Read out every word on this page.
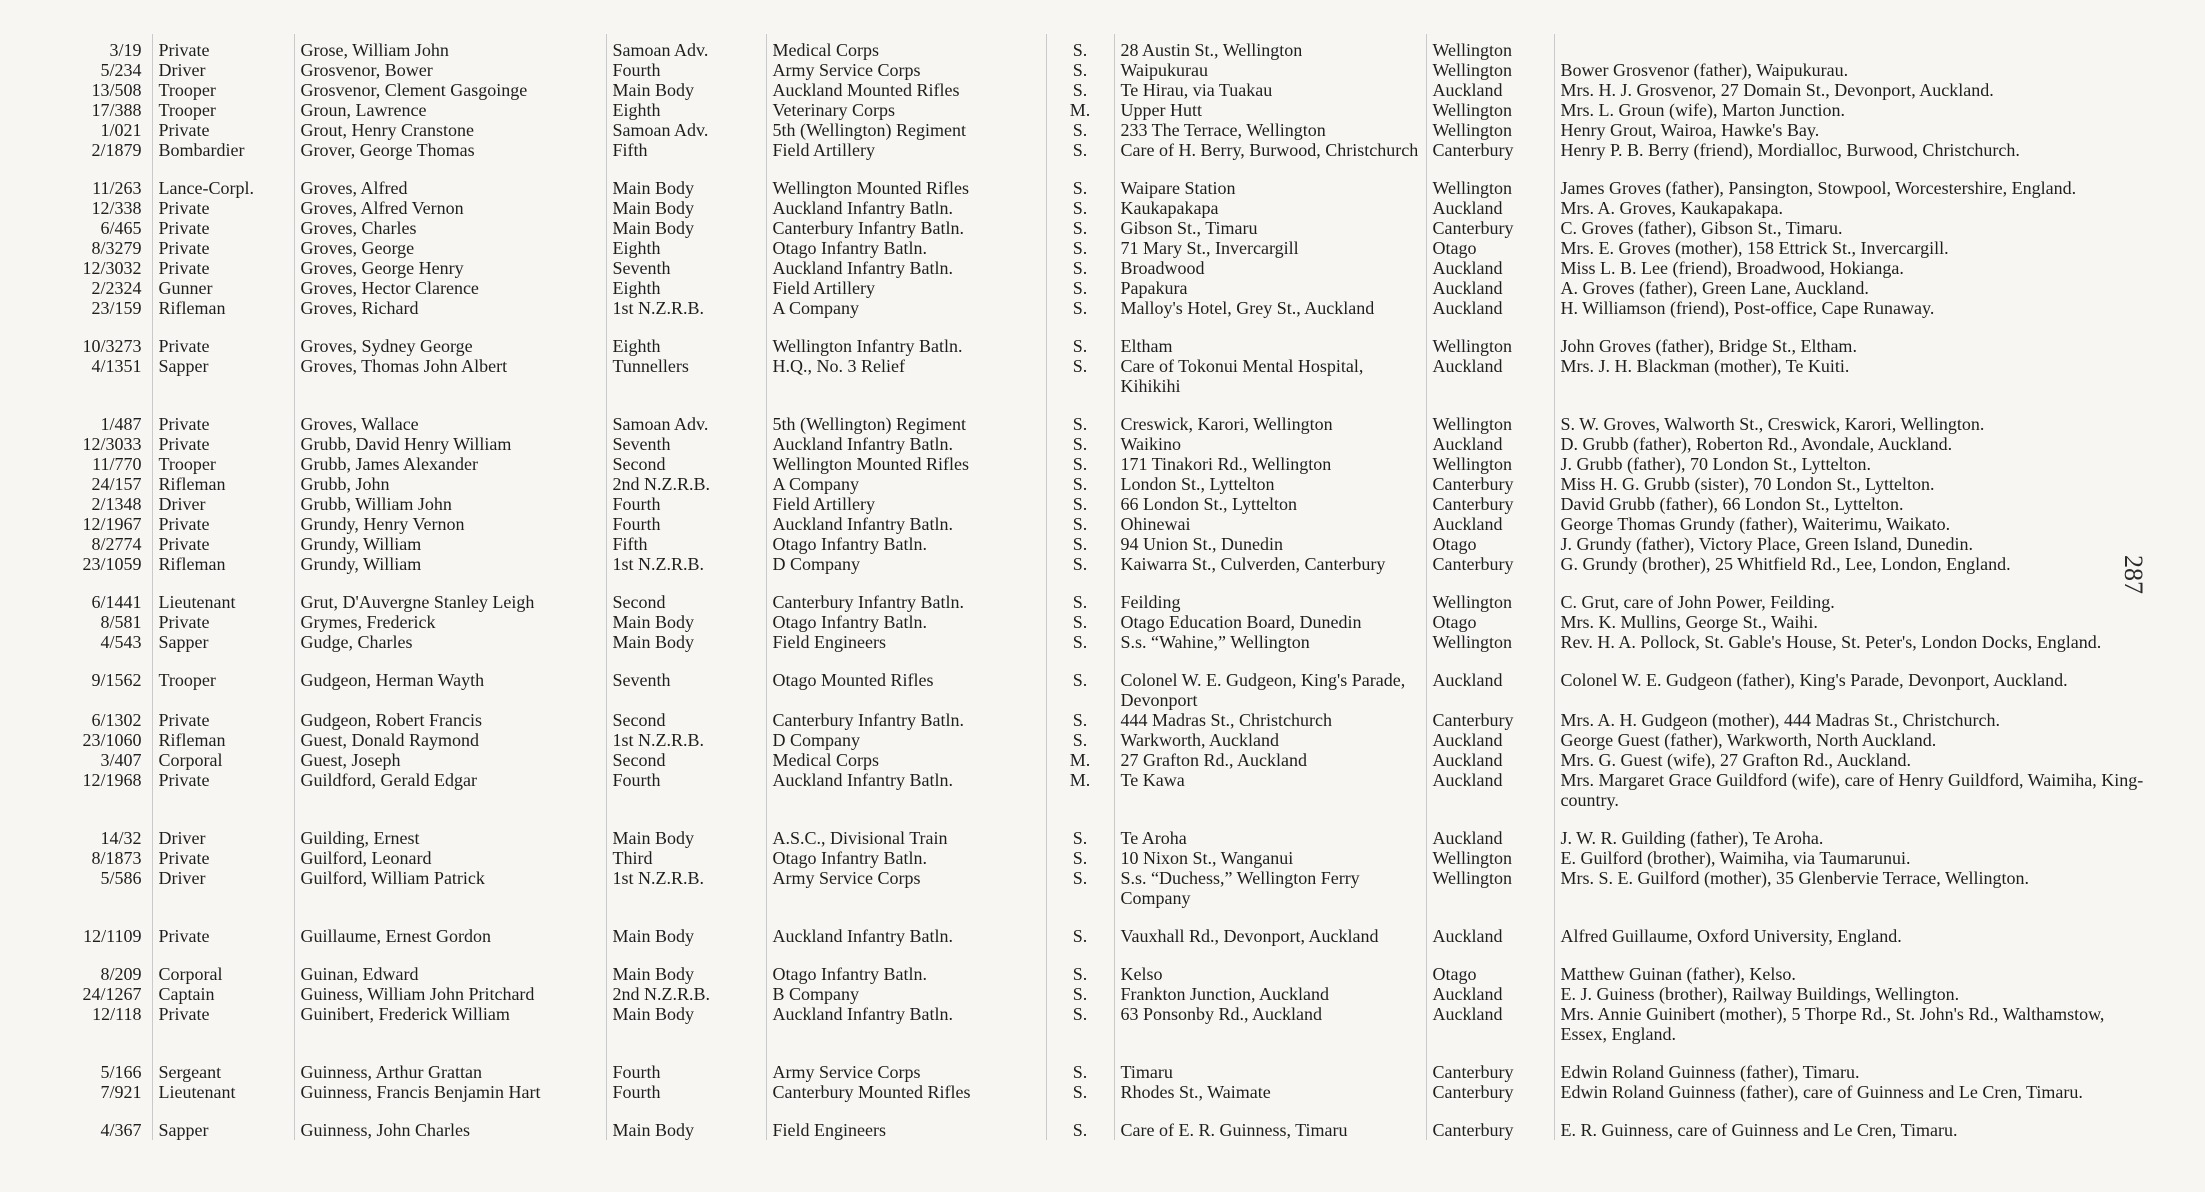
3/19	Private	Grose, William John	Samoan Adv.	Medical Corps	S.	28 Austin St., Wellington	Wellington	
5/234	Driver	Grosvenor, Bower	Fourth	Army Service Corps	S.	Waipukurau	Wellington	Bower Grosvenor (father), Waipukurau.
13/508	Trooper	Grosvenor, Clement Gasgoinge	Main Body	Auckland Mounted Rifles	S.	Te Hirau, via Tuakau	Auckland	Mrs. H. J. Grosvenor, 27 Domain St., Devonport, Auckland.
17/388	Trooper	Groun, Lawrence	Eighth	Veterinary Corps	M.	Upper Hutt	Wellington	Mrs. L. Groun (wife), Marton Junction.
1/021	Private	Grout, Henry Cranstone	Samoan Adv.	5th (Wellington) Regiment	S.	233 The Terrace, Wellington	Wellington	Henry Grout, Wairoa, Hawke's Bay.
2/1879	Bombardier	Grover, George Thomas	Fifth	Field Artillery	S.	Care of H. Berry, Burwood, Christchurch	Canterbury	Henry P. B. Berry (friend), Mordialloc, Burwood, Christchurch.
11/263	Lance-Corpl.	Groves, Alfred	Main Body	Wellington Mounted Rifles	S.	Waipare Station	Wellington	James Groves (father), Pansington, Stowpool, Worcestershire, England.
12/338	Private	Groves, Alfred Vernon	Main Body	Auckland Infantry Batln.	S.	Kaukapakapa	Auckland	Mrs. A. Groves, Kaukapakapa.
6/465	Private	Groves, Charles	Main Body	Canterbury Infantry Batln.	S.	Gibson St., Timaru	Canterbury	C. Groves (father), Gibson St., Timaru.
8/3279	Private	Groves, George	Eighth	Otago Infantry Batln.	S.	71 Mary St., Invercargill	Otago	Mrs. E. Groves (mother), 158 Ettrick St., Invercargill.
12/3032	Private	Groves, George Henry	Seventh	Auckland Infantry Batln.	S.	Broadwood	Auckland	Miss L. B. Lee (friend), Broadwood, Hokianga.
2/2324	Gunner	Groves, Hector Clarence	Eighth	Field Artillery	S.	Papakura	Auckland	A. Groves (father), Green Lane, Auckland.
23/159	Rifleman	Groves, Richard	1st N.Z.R.B.	A Company	S.	Malloy's Hotel, Grey St., Auckland	Auckland	H. Williamson (friend), Post-office, Cape Runaway.
10/3273	Private	Groves, Sydney George	Eighth	Wellington Infantry Batln.	S.	Eltham	Wellington	John Groves (father), Bridge St., Eltham.
4/1351	Sapper	Groves, Thomas John Albert	Tunnellers	H.Q., No. 3 Relief	S.	Care of Tokonui Mental Hospital, Kihikihi	Auckland	Mrs. J. H. Blackman (mother), Te Kuiti.
1/487	Private	Groves, Wallace	Samoan Adv.	5th (Wellington) Regiment	S.	Creswick, Karori, Wellington	Wellington	S. W. Groves, Walworth St., Creswick, Karori, Wellington.
12/3033	Private	Grubb, David Henry William	Seventh	Auckland Infantry Batln.	S.	Waikino	Auckland	D. Grubb (father), Roberton Rd., Avondale, Auckland.
11/770	Trooper	Grubb, James Alexander	Second	Wellington Mounted Rifles	S.	171 Tinakori Rd., Wellington	Wellington	J. Grubb (father), 70 London St., Lyttelton.
24/157	Rifleman	Grubb, John	2nd N.Z.R.B.	A Company	S.	London St., Lyttelton	Canterbury	Miss H. G. Grubb (sister), 70 London St., Lyttelton.
2/1348	Driver	Grubb, William John	Fourth	Field Artillery	S.	66 London St., Lyttelton	Canterbury	David Grubb (father), 66 London St., Lyttelton.
12/1967	Private	Grundy, Henry Vernon	Fourth	Auckland Infantry Batln.	S.	Ohinewai	Auckland	George Thomas Grundy (father), Waiterimu, Waikato.
8/2774	Private	Grundy, William	Fifth	Otago Infantry Batln.	S.	94 Union St., Dunedin	Otago	J. Grundy (father), Victory Place, Green Island, Dunedin.
23/1059	Rifleman	Grundy, William	1st N.Z.R.B.	D Company	S.	Kaiwarra St., Culverden, Canterbury	Canterbury	G. Grundy (brother), 25 Whitfield Rd., Lee, London, England.
6/1441	Lieutenant	Grut, D'Auvergne Stanley Leigh	Second	Canterbury Infantry Batln.	S.	Feilding	Wellington	C. Grut, care of John Power, Feilding.
8/581	Private	Grymes, Frederick	Main Body	Otago Infantry Batln.	S.	Otago Education Board, Dunedin	Otago	Mrs. K. Mullins, George St., Waihi.
4/543	Sapper	Gudge, Charles	Main Body	Field Engineers	S.	S.s. “Wahine,” Wellington	Wellington	Rev. H. A. Pollock, St. Gable's House, St. Peter's, London Docks, England.
9/1562	Trooper	Gudgeon, Herman Wayth	Seventh	Otago Mounted Rifles	S.	Colonel W. E. Gudgeon, King's Parade, Devonport	Auckland	Colonel W. E. Gudgeon (father), King's Parade, Devonport, Auckland.
6/1302	Private	Gudgeon, Robert Francis	Second	Canterbury Infantry Batln.	S.	444 Madras St., Christchurch	Canterbury	Mrs. A. H. Gudgeon (mother), 444 Madras St., Christchurch.
23/1060	Rifleman	Guest, Donald Raymond	1st N.Z.R.B.	D Company	S.	Warkworth, Auckland	Auckland	George Guest (father), Warkworth, North Auckland.
3/407	Corporal	Guest, Joseph	Second	Medical Corps	M.	27 Grafton Rd., Auckland	Auckland	Mrs. G. Guest (wife), 27 Grafton Rd., Auckland.
12/1968	Private	Guildford, Gerald Edgar	Fourth	Auckland Infantry Batln.	M.	Te Kawa	Auckland	Mrs. Margaret Grace Guildford (wife), care of Henry Guildford, Waimiha, King-country.
14/32	Driver	Guilding, Ernest	Main Body	A.S.C., Divisional Train	S.	Te Aroha	Auckland	J. W. R. Guilding (father), Te Aroha.
8/1873	Private	Guilford, Leonard	Third	Otago Infantry Batln.	S.	10 Nixon St., Wanganui	Wellington	E. Guilford (brother), Waimiha, via Taumarunui.
5/586	Driver	Guilford, William Patrick	1st N.Z.R.B.	Army Service Corps	S.	S.s. “Duchess,” Wellington Ferry Company	Wellington	Mrs. S. E. Guilford (mother), 35 Glenbervie Terrace, Wellington.
12/1109	Private	Guillaume, Ernest Gordon	Main Body	Auckland Infantry Batln.	S.	Vauxhall Rd., Devonport, Auckland	Auckland	Alfred Guillaume, Oxford University, England.
8/209	Corporal	Guinan, Edward	Main Body	Otago Infantry Batln.	S.	Kelso	Otago	Matthew Guinan (father), Kelso.
24/1267	Captain	Guiness, William John Pritchard	2nd N.Z.R.B.	B Company	S.	Frankton Junction, Auckland	Auckland	E. J. Guiness (brother), Railway Buildings, Wellington.
12/118	Private	Guinibert, Frederick William	Main Body	Auckland Infantry Batln.	S.	63 Ponsonby Rd., Auckland	Auckland	Mrs. Annie Guinibert (mother), 5 Thorpe Rd., St. John's Rd., Walthamstow, Essex, England.
5/166	Sergeant	Guinness, Arthur Grattan	Fourth	Army Service Corps	S.	Timaru	Canterbury	Edwin Roland Guinness (father), Timaru.
7/921	Lieutenant	Guinness, Francis Benjamin Hart	Fourth	Canterbury Mounted Rifles	S.	Rhodes St., Waimate	Canterbury	Edwin Roland Guinness (father), care of Guinness and Le Cren, Timaru.
4/367	Sapper	Guinness, John Charles	Main Body	Field Engineers	S.	Care of E. R. Guinness, Timaru	Canterbury	E. R. Guinness, care of Guinness and Le Cren, Timaru.
287
